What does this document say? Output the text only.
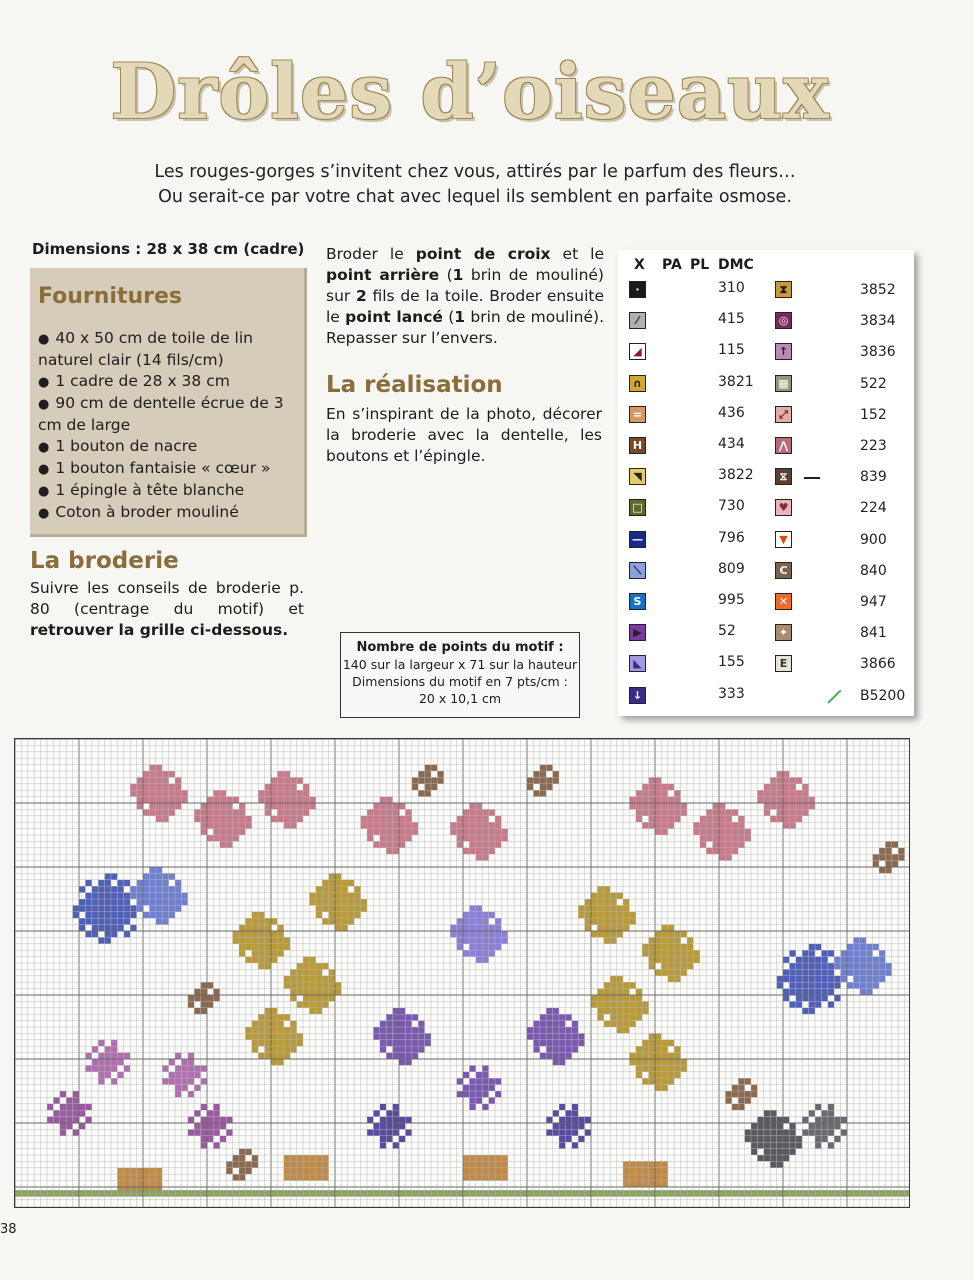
Drôles d’oiseaux
Les rouges-gorges s’invitent chez vous, attirés par le parfum des fleurs…
Ou serait-ce par votre chat avec lequel ils semblent en parfaite osmose.
Dimensions : 28 x 38 cm (cadre)
Fournitures
● 40 x 50 cm de toile de lin naturel clair (14 fils/cm)
● 1 cadre de 28 x 38 cm
● 90 cm de dentelle écrue de 3 cm de large
● 1 bouton de nacre
● 1 bouton fantaisie « cœur »
● 1 épingle à tête blanche
● Coton à broder mouliné
La broderie
Suivre les conseils de broderie p. 80 (centrage du motif) et retrouver la grille ci-dessous.
Broder le point de croix et le point arrière (1 brin de mouliné) sur 2 fils de la toile. Broder ensuite le point lancé (1 brin de mouliné). Repasser sur l’envers.
La réalisation
En s’inspirant de la photo, décorer la broderie avec la dentelle, les boutons et l’épingle.
Nombre de points du motif :
140 sur la largeur x 71 sur la hauteur
Dimensions du motif en 7 pts/cm :
20 x 10,1 cm
X PA PL DMC
·	310
⁄	415
◢	115
∩	3821
=	436
H	434
◥	3822
□	730
—	796
⟍	809
S	995
▶	52
◣	155
↓	333
⧗	3852
◎	3834
↑	3836
▦	522
⤢	152
⋀	223
⧖	839
♥	224
▼	900
C	840
✕	947
✦	841
E	3866
B5200
38
